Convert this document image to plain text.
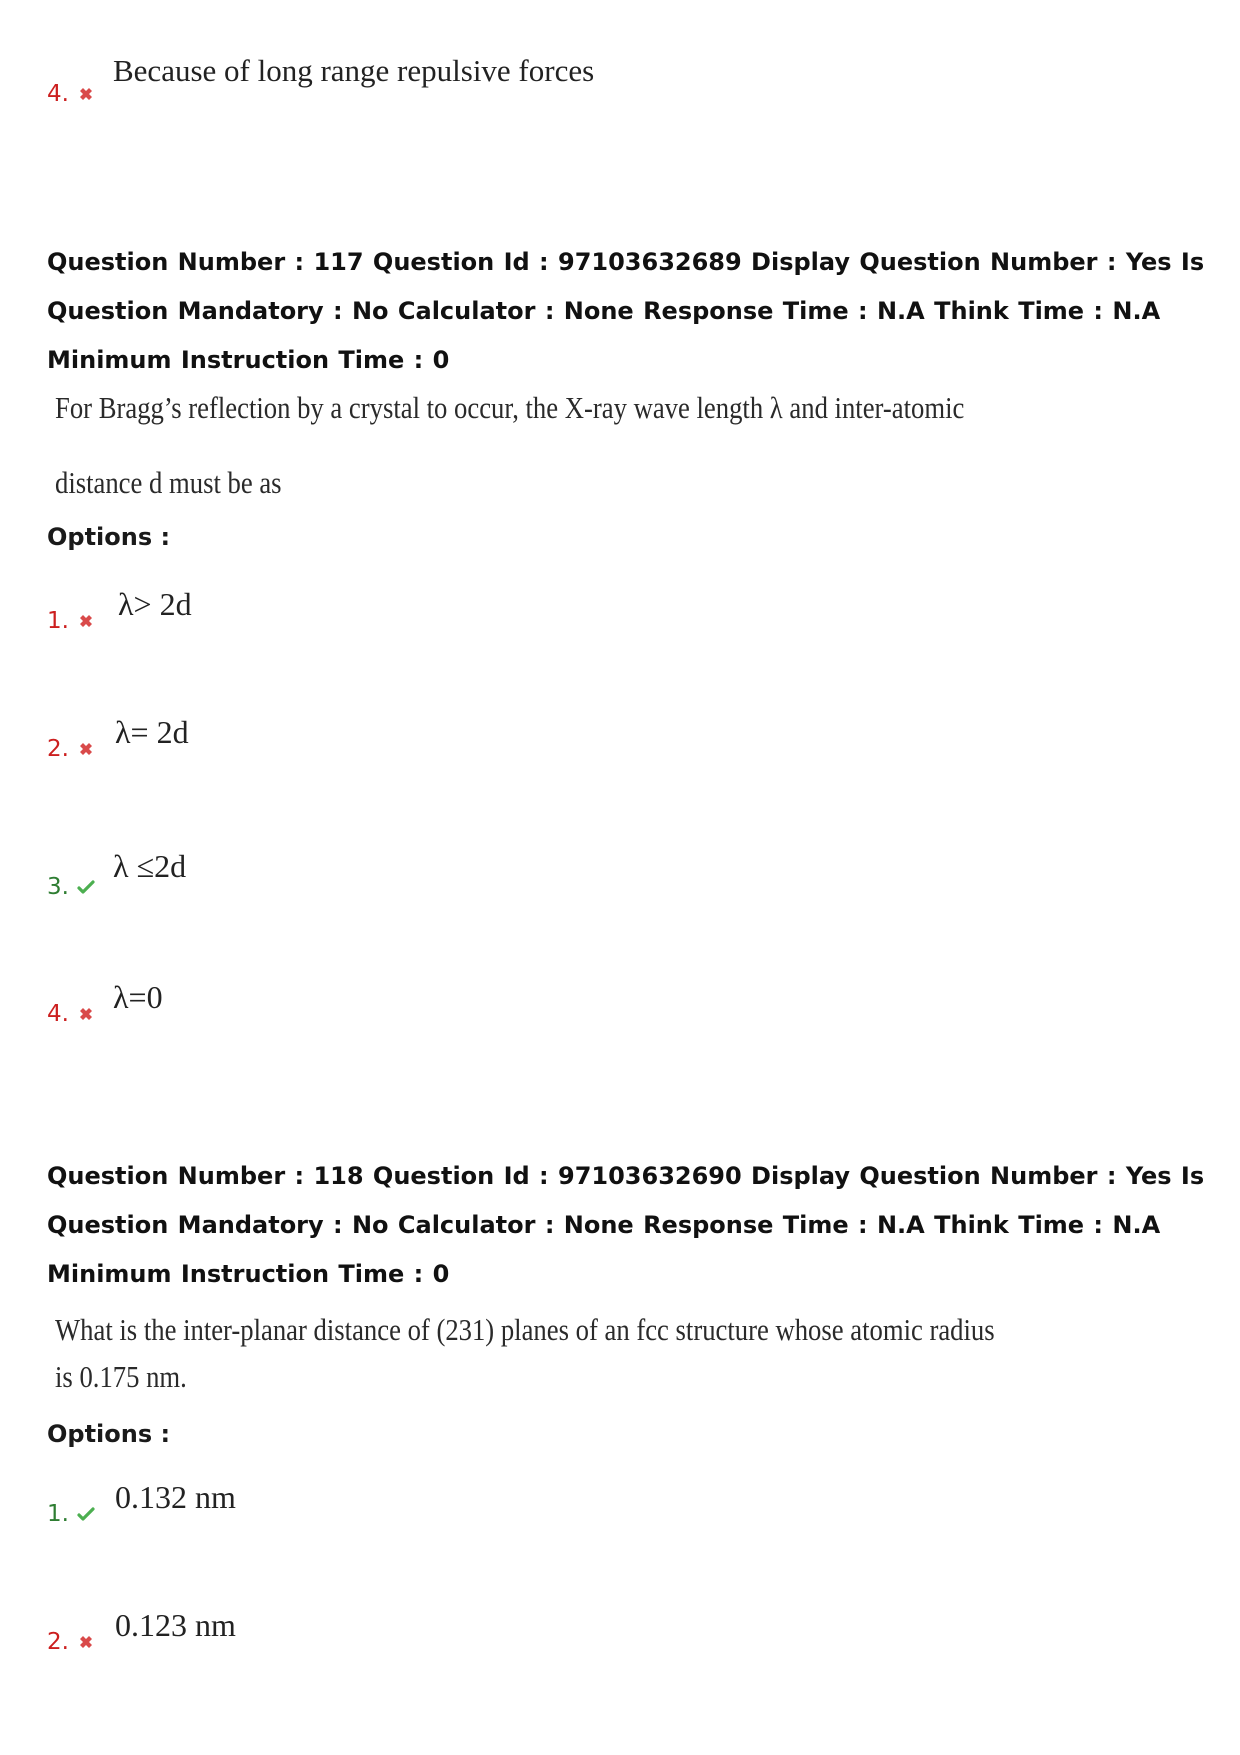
4.
Because of long range repulsive forces
Question Number : 117 Question Id : 97103632689 Display Question Number : Yes Is Question Mandatory : No Calculator : None Response Time : N.A Think Time : N.A Minimum Instruction Time : 0
For Bragg’s reflection by a crystal to occur, the X-ray wave length λ and inter-atomic
distance d must be as
Options :
1.	λ> 2d
2.	λ= 2d
3.
λ ≤2d
4.	λ=0
Question Number : 118 Question Id : 97103632690 Display Question Number : Yes Is Question Mandatory : No Calculator : None Response Time : N.A Think Time : N.A Minimum Instruction Time : 0
What is the inter-planar distance of (231) planes of an fcc structure whose atomic radius
is 0.175 nm.
Options :
1.	0.132 nm
2.	0.123 nm
